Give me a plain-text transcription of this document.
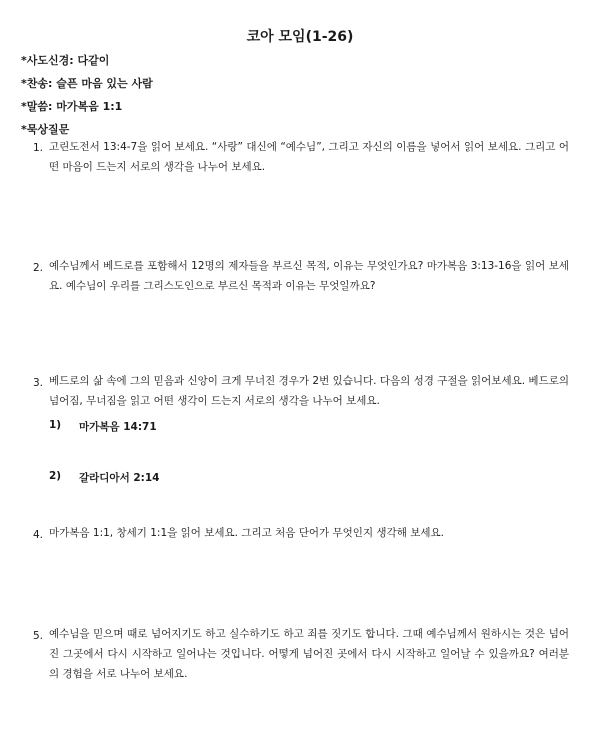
코아 모임(1-26)
*사도신경: 다같이
*찬송: 슬픈 마음 있는 사람
*말씀: 마가복음 1:1
*묵상질문
1. 고린도전서 13:4-7을 읽어 보세요. “사랑” 대신에 “예수님”, 그리고 자신의 이름을 넣어서 읽어 보세요. 그리고 어떤 마음이 드는지 서로의 생각을 나누어 보세요.
2. 예수님께서 베드로를 포함해서 12명의 제자들을 부르신 목적, 이유는 무엇인가요? 마가복음 3:13-16을 읽어 보세요. 예수님이 우리를 그리스도인으로 부르신 목적과 이유는 무엇일까요?
3. 베드로의 삶 속에 그의 믿음과 신앙이 크게 무너진 경우가 2번 있습니다. 다음의 성경 구절을 읽어보세요. 베드로의 넘어짐, 무너짐을 읽고 어떤 생각이 드는지 서로의 생각을 나누어 보세요.
1) 마가복음 14:71
2) 갈라디아서 2:14
4. 마가복음 1:1, 창세기 1:1을 읽어 보세요. 그리고 처음 단어가 무엇인지 생각해 보세요.
5. 예수님을 믿으며 때로 넘어지기도 하고 실수하기도 하고 죄를 짓기도 합니다. 그때 예수님께서 원하시는 것은 넘어진 그곳에서 다시 시작하고 일어나는 것입니다. 어떻게 넘어진 곳에서 다시 시작하고 일어날 수 있을까요? 여러분의 경험을 서로 나누어 보세요.
